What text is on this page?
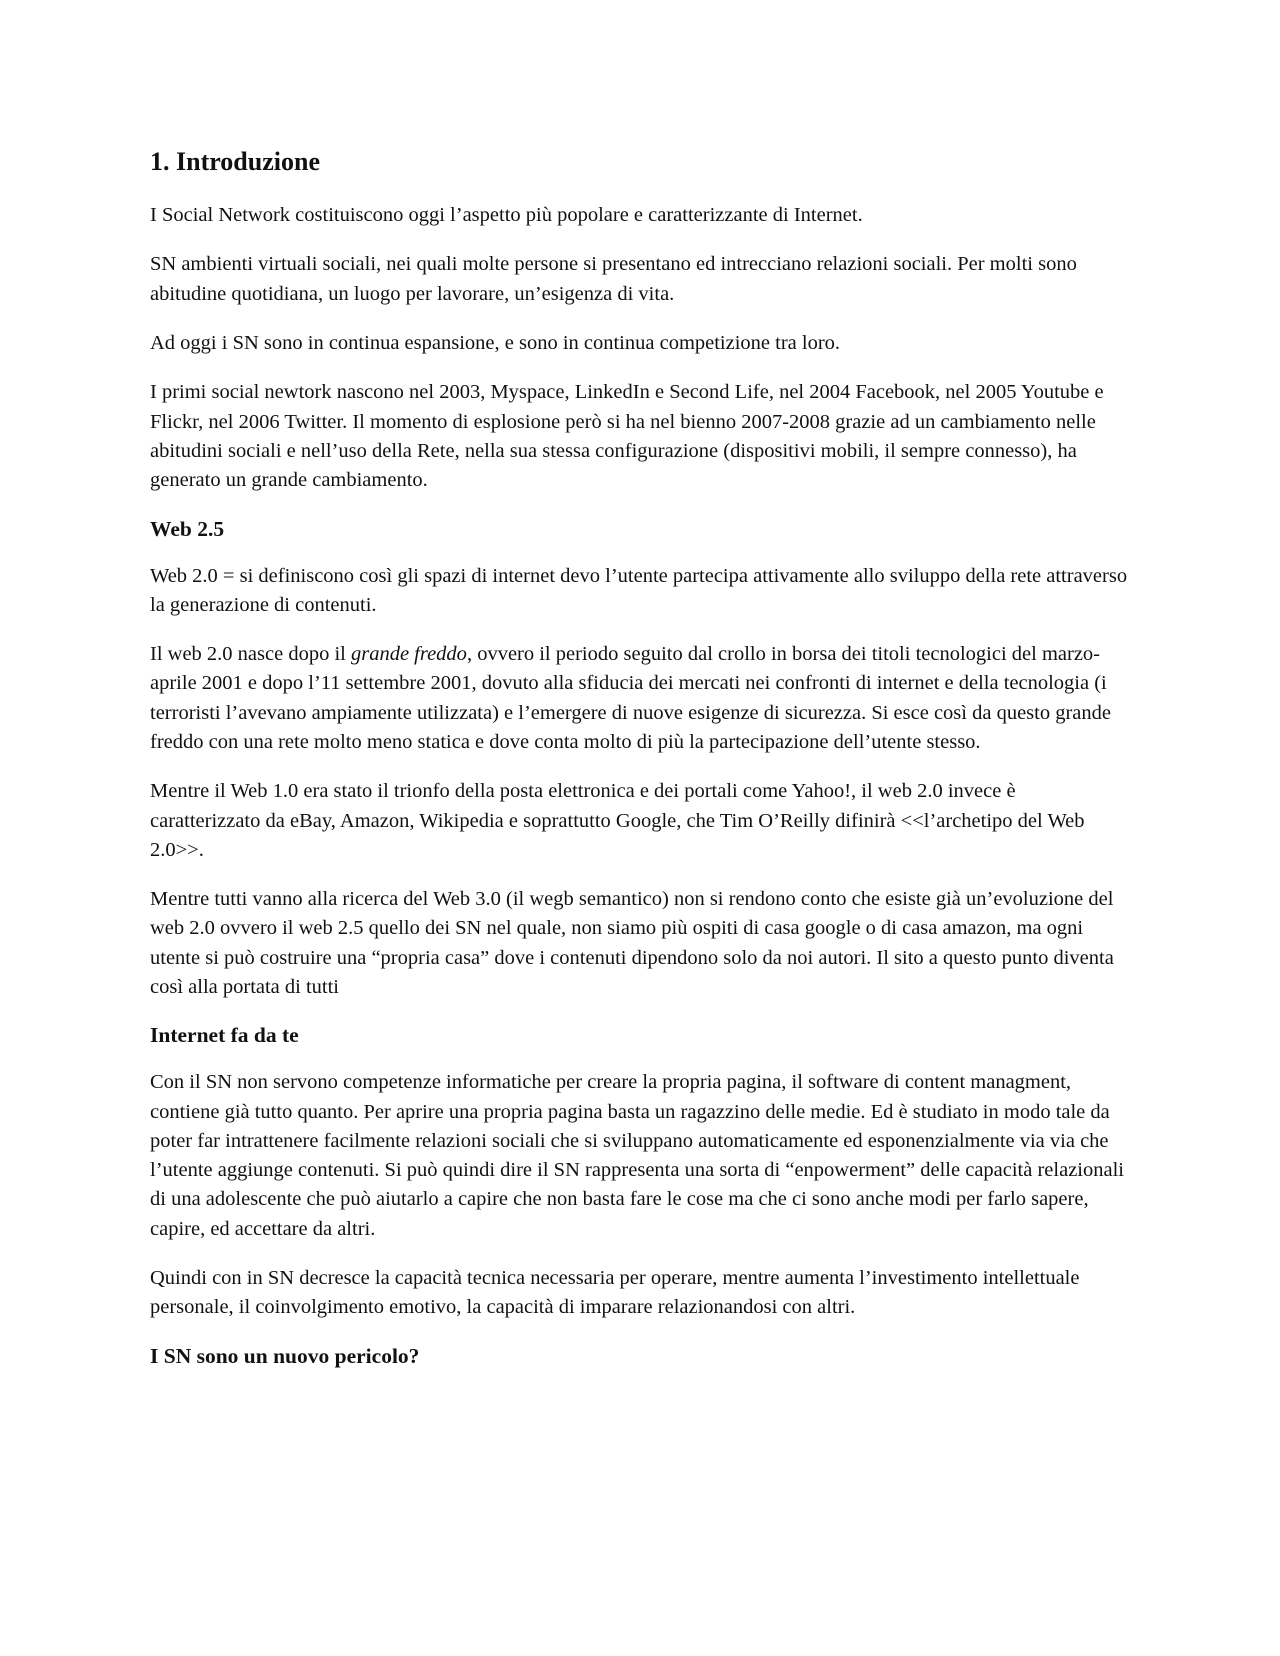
1. Introduzione

I Social Network costituiscono oggi l’aspetto più popolare e caratterizzante di Internet.

SN ambienti virtuali sociali, nei quali molte persone si presentano ed intrecciano relazioni sociali. Per molti sono abitudine quotidiana, un luogo per lavorare, un’esigenza di vita.

Ad oggi i SN sono in continua espansione, e sono in continua competizione tra loro.

I primi social newtork nascono nel 2003, Myspace, LinkedIn e Second Life, nel 2004 Facebook, nel 2005 Youtube e Flickr, nel 2006 Twitter. Il momento di esplosione però si ha nel bienno 2007-2008 grazie ad un cambiamento nelle abitudini sociali e nell’uso della Rete, nella sua stessa configurazione (dispositivi mobili, il sempre connesso), ha generato un grande cambiamento.

Web 2.5

Web 2.0 = si definiscono così gli spazi di internet devo l’utente partecipa attivamente allo sviluppo della rete attraverso la generazione di contenuti.

Il web 2.0 nasce dopo il grande freddo, ovvero il periodo seguito dal crollo in borsa dei titoli tecnologici del marzo-aprile 2001 e dopo l’11 settembre 2001, dovuto alla sfiducia dei mercati nei confronti di internet e della tecnologia (i terroristi l’avevano ampiamente utilizzata) e l’emergere di nuove esigenze di sicurezza. Si esce così da questo grande freddo con una rete molto meno statica e dove conta molto di più la partecipazione dell’utente stesso.

Mentre il Web 1.0 era stato il trionfo della posta elettronica e dei portali come Yahoo!, il web 2.0 invece è caratterizzato da eBay, Amazon, Wikipedia e soprattutto Google, che Tim O’Reilly difinirà <<l’archetipo del Web 2.0>>.

Mentre tutti vanno alla ricerca del Web 3.0 (il wegb semantico) non si rendono conto che esiste già un’evoluzione del web 2.0 ovvero il web 2.5 quello dei SN nel quale, non siamo più ospiti di casa google o di casa amazon, ma ogni utente si può costruire una “propria casa” dove i contenuti dipendono solo da noi autori. Il sito a questo punto diventa così alla portata di tutti

Internet fa da te

Con il SN non servono competenze informatiche per creare la propria pagina, il software di content managment, contiene già tutto quanto. Per aprire una propria pagina basta un ragazzino delle medie. Ed è studiato in modo tale da poter far intrattenere facilmente relazioni sociali che si sviluppano automaticamente ed esponenzialmente via via che l’utente aggiunge contenuti. Si può quindi dire il SN rappresenta una sorta di “enpowerment” delle capacità relazionali di una adolescente che può aiutarlo a capire che non basta fare le cose ma che ci sono anche modi per farlo sapere, capire, ed accettare da altri.

Quindi con in SN decresce la capacità tecnica necessaria per operare, mentre aumenta l’investimento intellettuale personale, il coinvolgimento emotivo, la capacità di imparare relazionandosi con altri.

I SN sono un nuovo pericolo?
